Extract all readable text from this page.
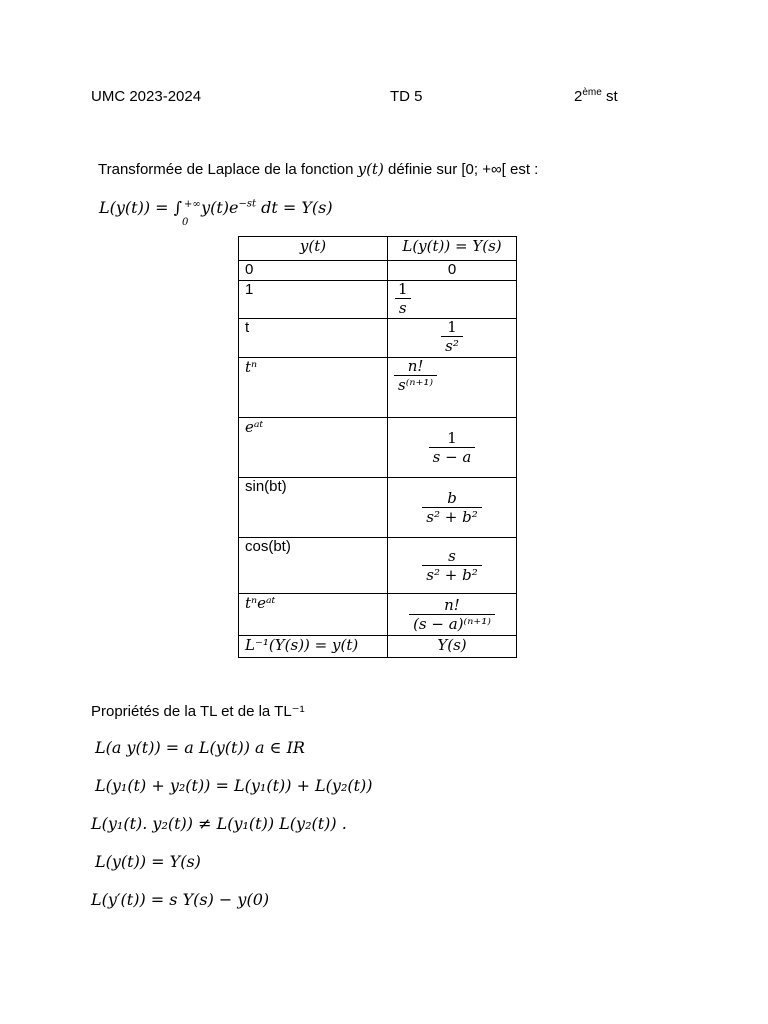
UMC 2023-2024	TD 5	2ème st
Transformée de Laplace de la fonction y(t) définie sur [0; +∞[ est :
L(y(t)) = ∫ +∞
0
$y(t)e^{-st}$ dt = Y(s)
y(t)	L(y(t)) = Y(s)
0	0
1	$\frac{1}{s}$

t	$\frac{1}{\text{s²}}$

tⁿ	$\frac{n!}{\text{s⁽ⁿ⁺¹⁾}}$

eᵃᵗ	$\frac{1}{s - a}$

sin(bt)	$\frac{b}{\text{s² + b²}}$

cos(bt)	$\frac{s}{\text{s² + b²}}$

tⁿeᵃᵗ	$\frac{n!}{\text{(s − a)⁽ⁿ⁺¹⁾}}$

L⁻¹(Y(s)) = y(t)	Y(s)
Propriétés de la TL et de la TL⁻¹
L(a y(t)) = a L(y(t)) a ∈ IR
L(y₁(t) + y₂(t)) = L(y₁(t)) + L(y₂(t))
L(y₁(t). y₂(t)) ≠ L(y₁(t)) L(y₂(t)) .
L(y(t)) = Y(s)
L(y′(t)) = s Y(s) − y(0)
